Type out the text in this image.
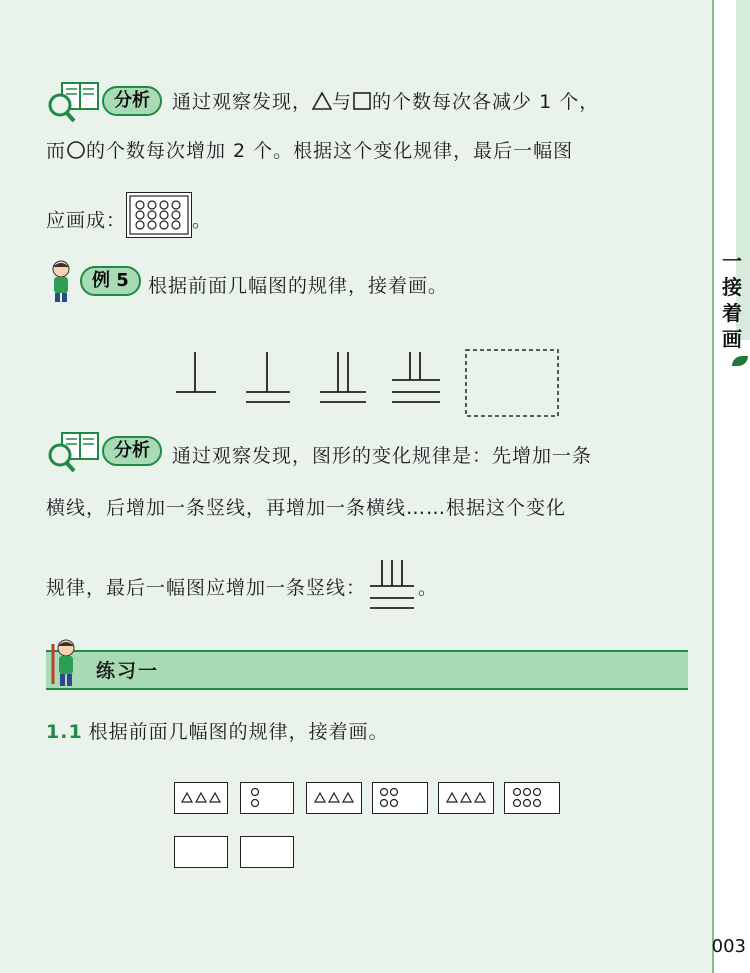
一
接
着
画
分析	通过观察发现， 与 的个数每次各减少 1 个，
而 的个数每次增加 2 个。根据这个变化规律，最后一幅图
应画成：	。
例 5	根据前面几幅图的规律，接着画。
分析	通过观察发现，图形的变化规律是：先增加一条
横线，后增加一条竖线，再增加一条横线……根据这个变化
规律，最后一幅图应增加一条竖线：	。
练习一
1.1 根据前面几幅图的规律，接着画。
003
